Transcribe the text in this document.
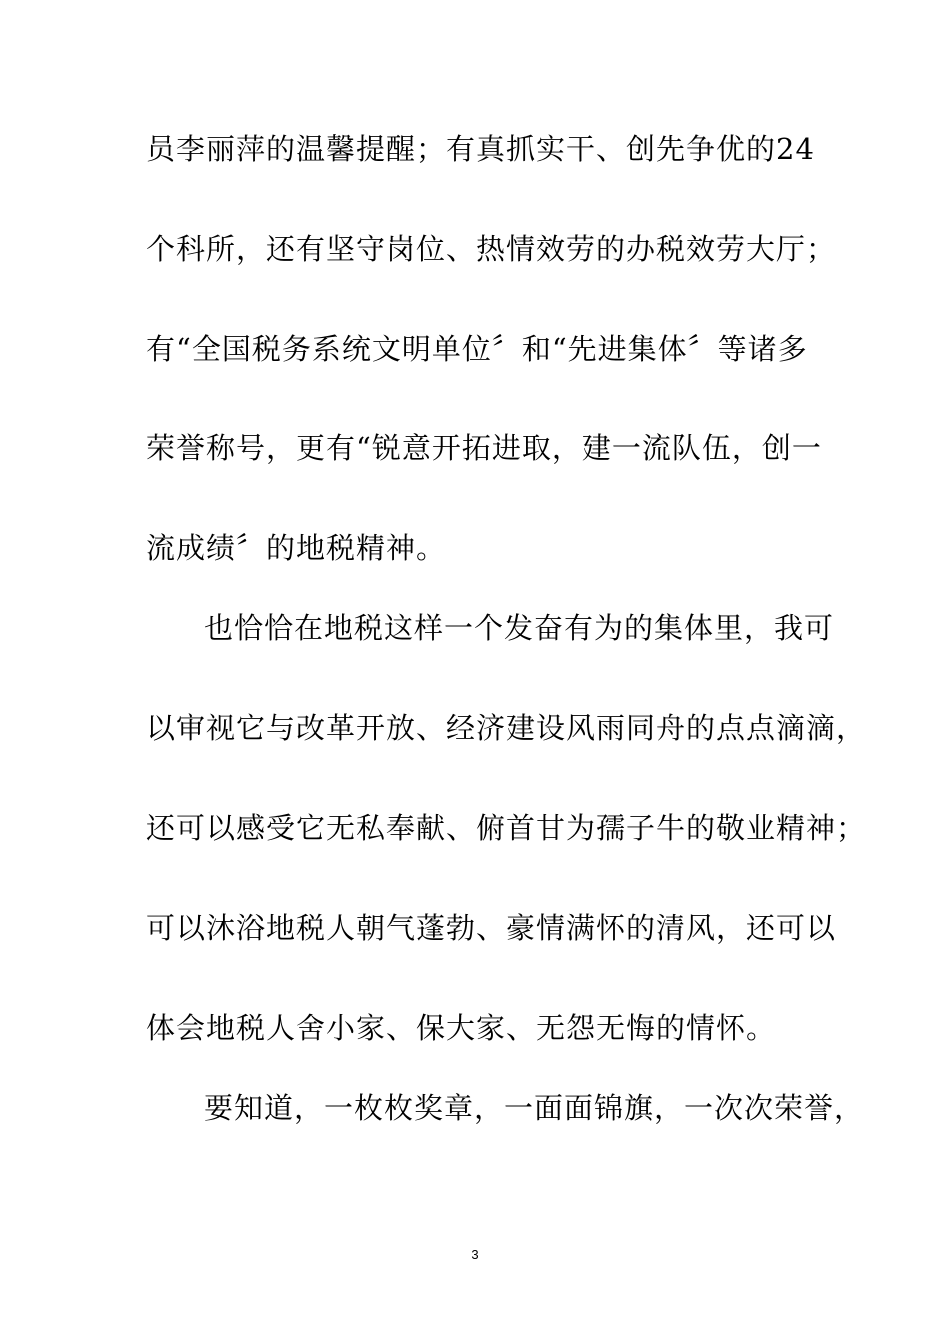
员李丽萍的温馨提醒；有真抓实干、创先争优的24
个科所，还有坚守岗位、热情效劳的办税效劳大厅；
有“全国税务系统文明单位〞和“先进集体〞等诸多
荣誉称号，更有“锐意开拓进取，建一流队伍，创一
流成绩〞的地税精神。
也恰恰在地税这样一个发奋有为的集体里，我可
以审视它与改革开放、经济建设风雨同舟的点点滴滴，
还可以感受它无私奉献、俯首甘为孺子牛的敬业精神；
可以沐浴地税人朝气蓬勃、豪情满怀的清风，还可以
体会地税人舍小家、保大家、无怨无悔的情怀。
要知道，一枚枚奖章，一面面锦旗，一次次荣誉，
3
